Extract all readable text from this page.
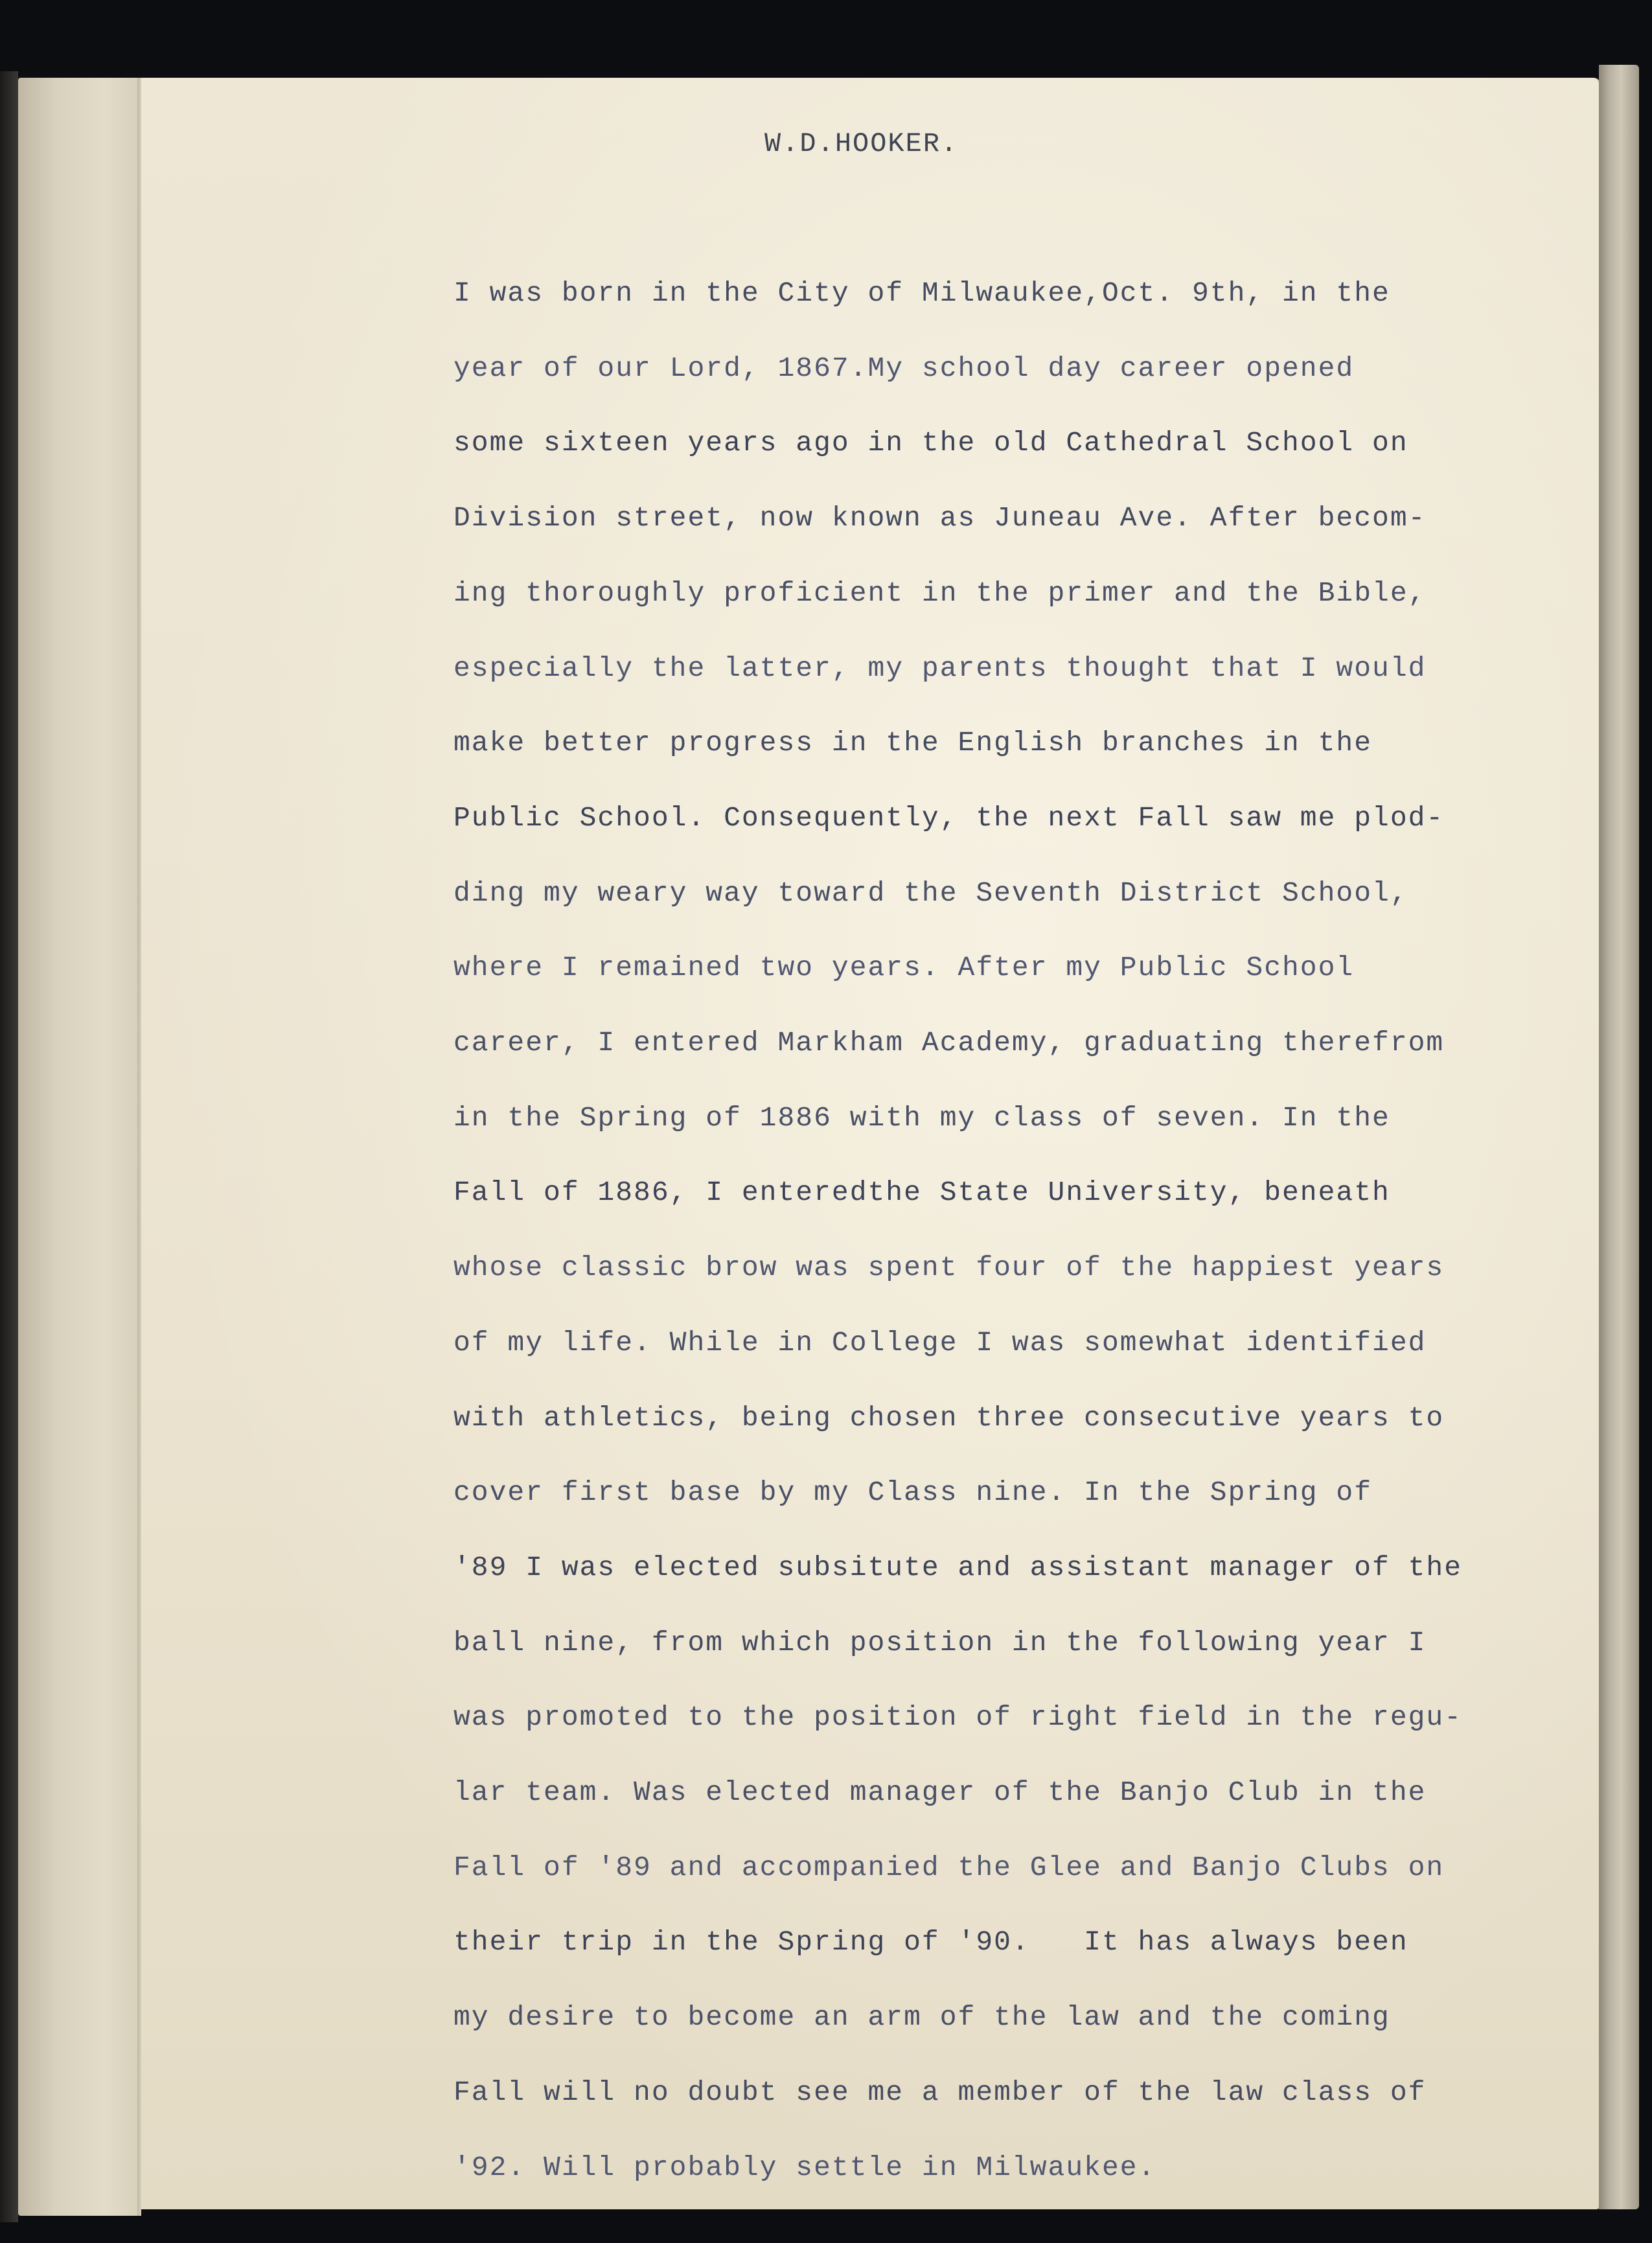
W.D.HOOKER.
I was born in the City of Milwaukee,Oct. 9th, in the
year of our Lord, 1867.My school day career opened
some sixteen years ago in the old Cathedral School on
Division street, now known as Juneau Ave. After becom-
ing thoroughly proficient in the primer and the Bible,
especially the latter, my parents thought that I would
make better progress in the English branches in the
Public School. Consequently, the next Fall saw me plod-
ding my weary way toward the Seventh District School,
where I remained two years. After my Public School
career, I entered Markham Academy, graduating therefrom
in the Spring of 1886 with my class of seven. In the
Fall of 1886, I enteredthe State University, beneath
whose classic brow was spent four of the happiest years
of my life. While in College I was somewhat identified
with athletics, being chosen three consecutive years to
cover first base by my Class nine. In the Spring of
'89 I was elected subsitute and assistant manager of the
ball nine, from which position in the following year I
was promoted to the position of right field in the regu-
lar team. Was elected manager of the Banjo Club in the
Fall of '89 and accompanied the Glee and Banjo Clubs on
their trip in the Spring of '90.   It has always been
my desire to become an arm of the law and the coming
Fall will no doubt see me a member of the law class of
'92. Will probably settle in Milwaukee.
